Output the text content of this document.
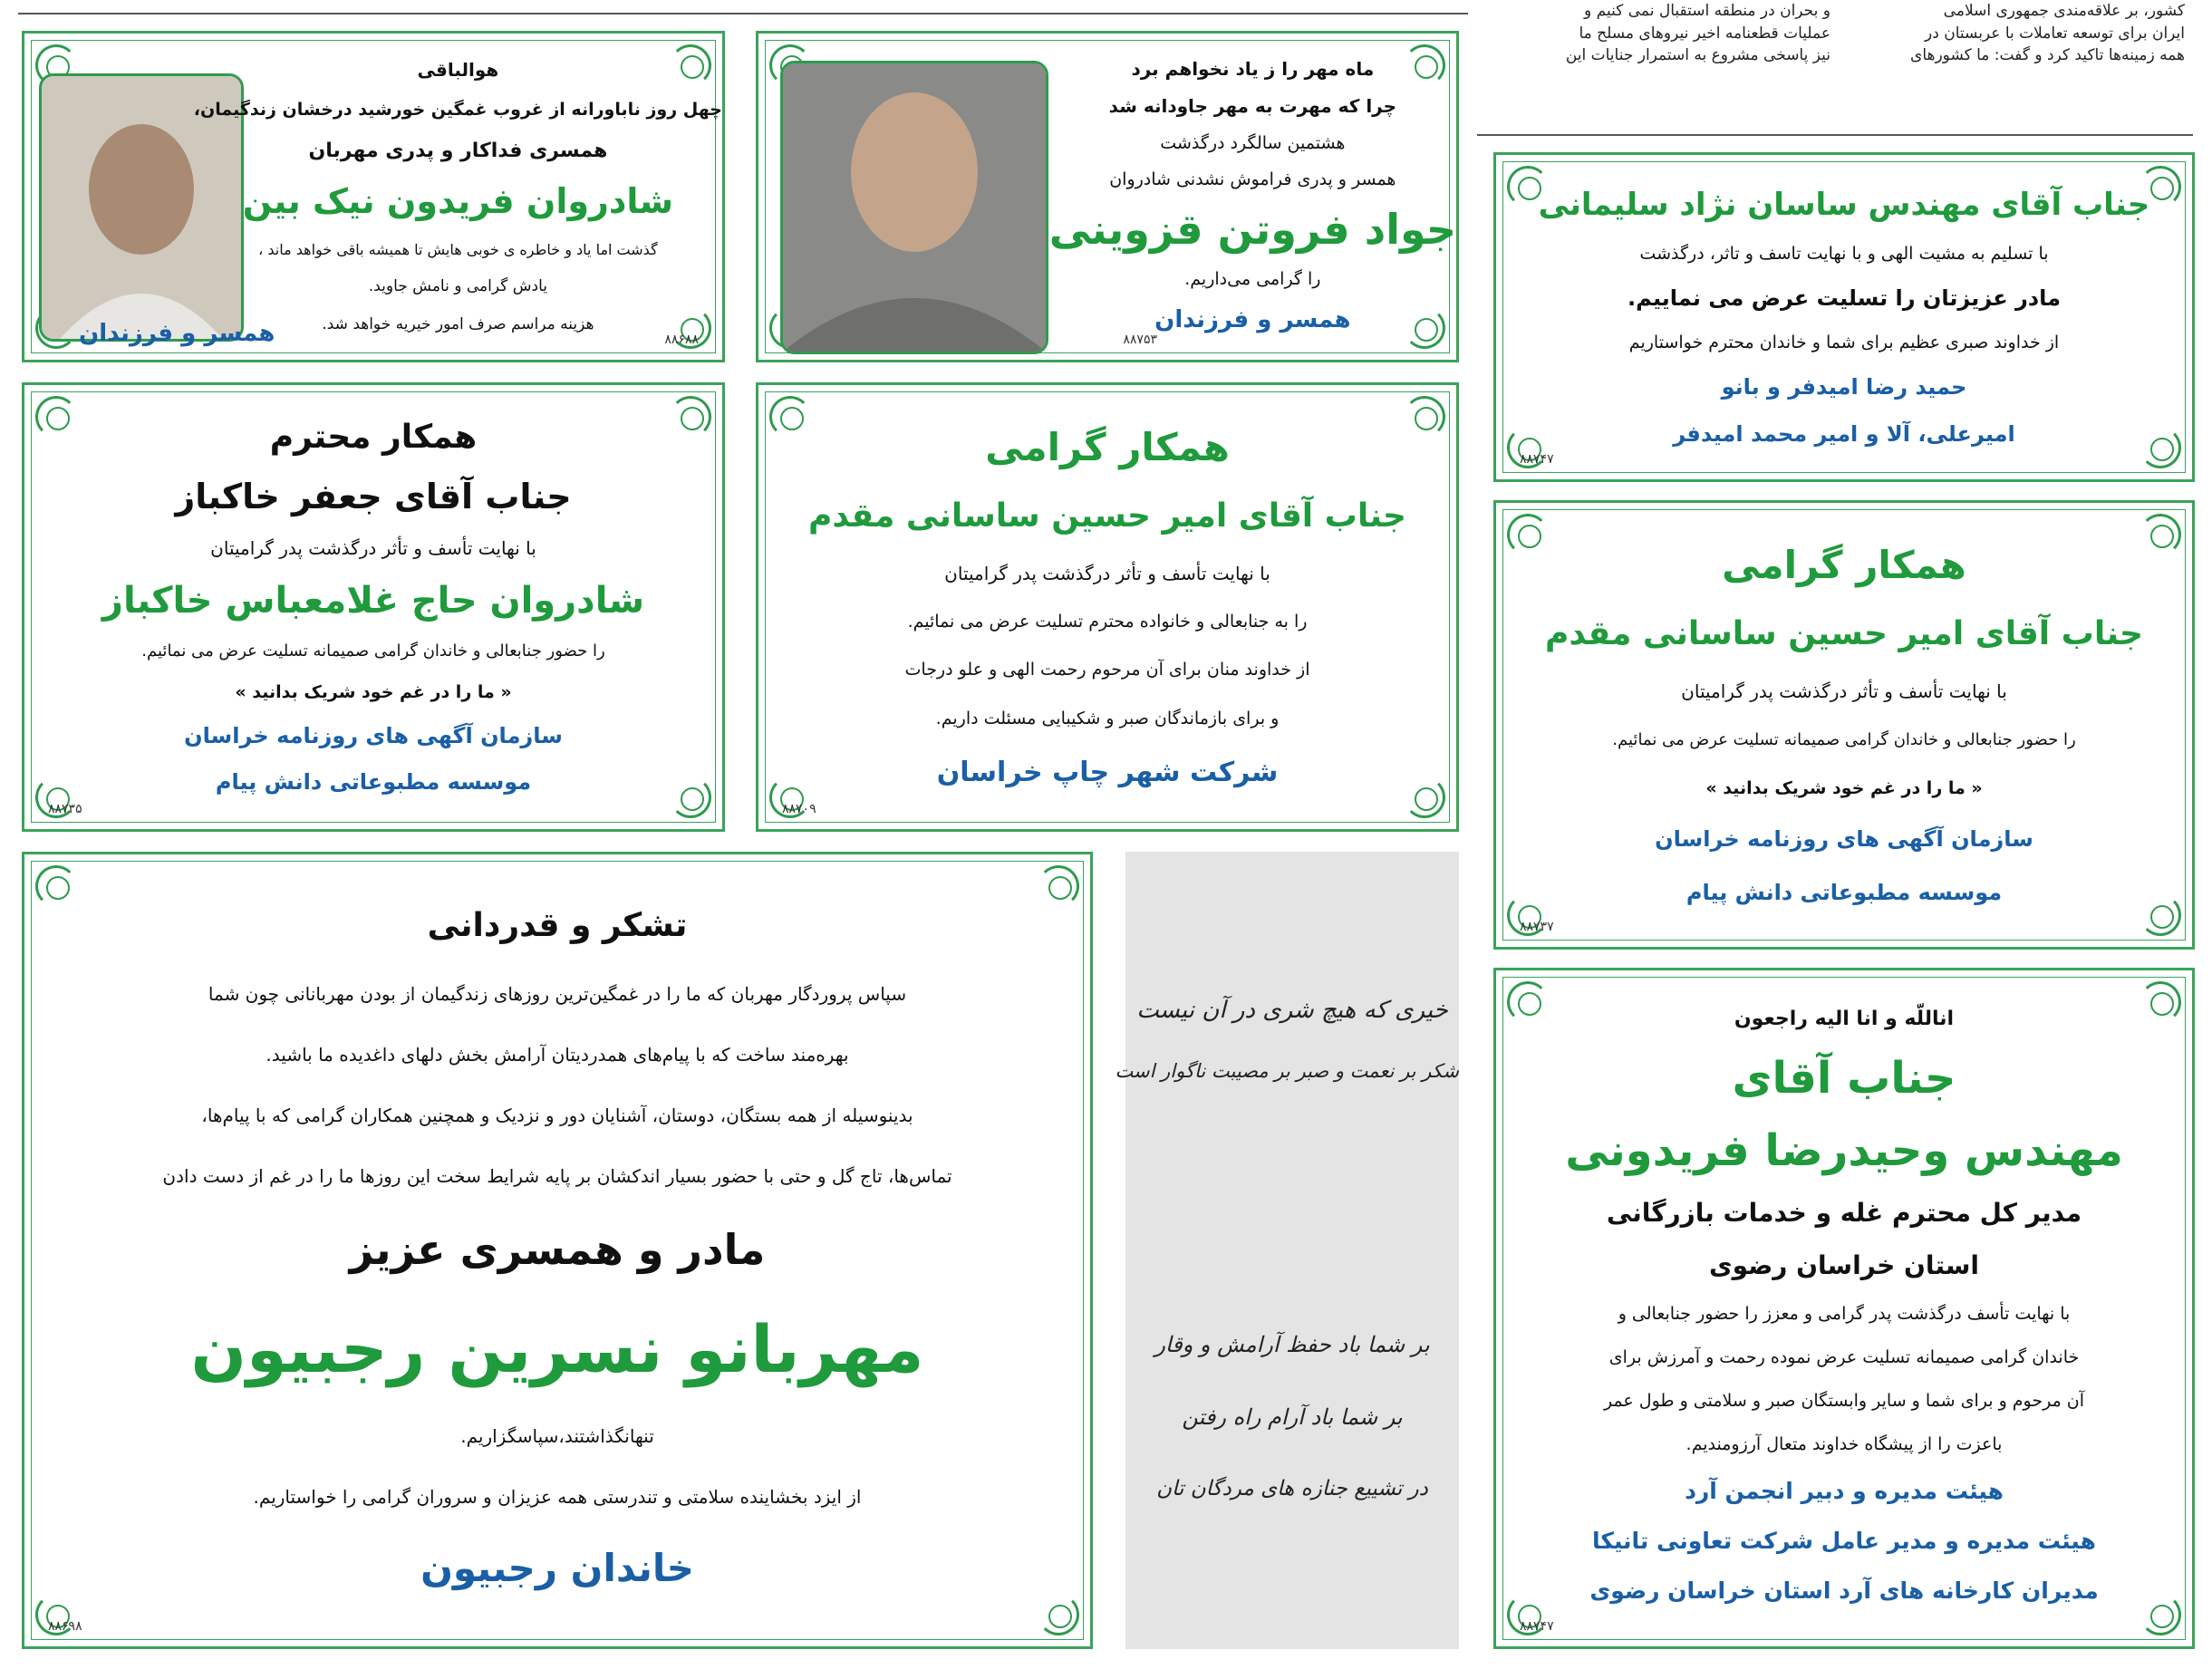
کشور، بر علاقه‌مندی جمهوری اسلامی
ایران برای توسعه تعاملات با عربستان در
همه زمینه‌ها تاکید کرد و گفت: ما کشورهای
و بحران در منطقه استقبال نمی کنیم و
عملیات قطعنامه اخیر نیروهای مسلح ما
نیز پاسخی مشروع به استمرار جنایات این
هوالباقی
چهل روز ناباورانه از غروب غمگین خورشید درخشان زندگیمان،
همسری فداکار و پدری مهربان
شادروان فریدون نیک بین
گذشت اما یاد و خاطره ی خوبی هایش تا همیشه باقی خواهد ماند ،
یادش گرامی و نامش جاوید.
هزینه مراسم صرف امور خیریه خواهد شد.
همسر و فرزندان	۸۸۶۸۸
ماه مهر را ز یاد نخواهم برد
چرا که مهرت به مهر جاودانه شد
هشتمین سالگرد درگذشت
همسر و پدری فراموش نشدنی شادروان
جواد فروتن قزوینی
را گرامی می‌داریم.
همسر و فرزندان
۸۸۷۵۳
جناب آقای مهندس ساسان نژاد سلیمانی
با تسلیم به مشیت الهی و با نهایت تاسف و تاثر، درگذشت
مادر عزیزتان را تسلیت عرض می نماییم.
از خداوند صبری عظیم برای شما و خاندان محترم خواستاریم
حمید رضا امیدفر و بانو
امیرعلی، آلا و امیر محمد امیدفر
۸۸۷۴۷
همکار محترم
جناب آقای جعفر خاکباز
با نهایت تأسف و تأثر درگذشت پدر گرامیتان
شادروان حاج غلامعباس خاکباز
را حضور جنابعالی و خاندان گرامی صمیمانه تسلیت عرض می نمائیم.
« ما را در غم خود شریک بدانید »
سازمان آگهی های روزنامه خراسان
موسسه مطبوعاتی دانش پیام
۸۸۷۳۵
همکار گرامی
جناب آقای امیر حسین ساسانی مقدم
با نهایت تأسف و تأثر درگذشت پدر گرامیتان
را به جنابعالی و خانواده محترم تسلیت عرض می نمائیم.
از خداوند منان برای آن مرحوم رحمت الهی و علو درجات
و برای بازماندگان صبر و شکیبایی مسئلت داریم.
شرکت شهر چاپ خراسان
۸۸۷۰۹
همکار گرامی
جناب آقای امیر حسین ساسانی مقدم
با نهایت تأسف و تأثر درگذشت پدر گرامیتان
را حضور جنابعالی و خاندان گرامی صمیمانه تسلیت عرض می نمائیم.
« ما را در غم خود شریک بدانید »
سازمان آگهی های روزنامه خراسان
موسسه مطبوعاتی دانش پیام
۸۸۷۳۷
تشکر و قدردانی
سپاس پروردگار مهربان که ما را در غمگین‌ترین روزهای زندگیمان از بودن مهربانانی چون شما
بهره‌مند ساخت که با پیام‌های همدردیتان آرامش بخش دلهای داغدیده ما باشید.
بدینوسیله از همه بستگان، دوستان، آشنایان دور و نزدیک و همچنین همکاران گرامی که با پیام‌ها،
تماس‌ها، تاج گل و حتی با حضور بسیار اندکشان بر پایه شرایط سخت این روزها ما را در غم از دست دادن
مادر و همسری عزیز
مهربانو نسرین رجبیون
تنهانگذاشتند،سپاسگزاریم.
از ایزد بخشاینده سلامتی و تندرستی همه عزیزان و سروران گرامی را خواستاریم.
خاندان رجبیون
۸۸۶۹۸
خیری که هیچ شری در آن نیست
شکر بر نعمت و صبر بر مصیبت ناگوار است
بر شما باد حفظ آرامش و وقار
بر شما باد آرام راه رفتن
در تشییع جنازه های مردگان تان
اناللّه و انا الیه راجعون
جناب آقای
مهندس وحیدرضا فریدونی
مدیر کل محترم غله و خدمات بازرگانی
استان خراسان رضوی
با نهایت تأسف درگذشت پدر گرامی و معزز را حضور جنابعالی و
خاندان گرامی صمیمانه تسلیت عرض نموده رحمت و آمرزش برای
آن مرحوم و برای شما و سایر وابستگان صبر و سلامتی و طول عمر
باعزت را از پیشگاه خداوند متعال آرزومندیم.
هیئت مدیره و دبیر انجمن آرد
هیئت مدیره و مدیر عامل شرکت تعاونی تانیکا
مدیران کارخانه های آرد استان خراسان رضوی
۸۸۷۴۷
